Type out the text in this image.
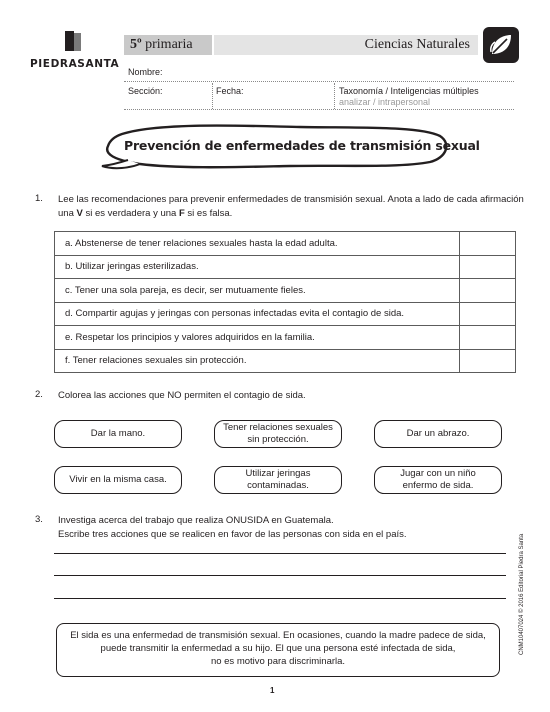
PIEDRASANTA
5º primaria	Ciencias Naturales
Nombre:
Sección:	Fecha:	Taxonomía / Inteligencias múltiples
analizar / intrapersonal
Prevención de enfermedades de transmisión sexual
1. Lee las recomendaciones para prevenir enfermedades de transmisión sexual. Anota a lado de cada afirmación una V si es verdadera y una F si es falsa.
a. Abstenerse de tener relaciones sexuales hasta la edad adulta.	
b. Utilizar jeringas esterilizadas.	
c. Tener una sola pareja, es decir, ser mutuamente fieles.	
d. Compartir agujas y jeringas con personas infectadas evita el contagio de sida.	
e. Respetar los principios y valores adquiridos en la familia.	
f. Tener relaciones sexuales sin protección.	
2. Colorea las acciones que NO permiten el contagio de sida.
Dar la mano.

Tener relaciones sexuales
sin protección.
Dar un abrazo.

Vivir en la misma casa.

Utilizar jeringas
contaminadas.
Jugar con un niño
enfermo de sida.
3. Investiga acerca del trabajo que realiza ONUSIDA en Guatemala.
Escribe tres acciones que se realicen en favor de las personas con sida en el país.
El sida es una enfermedad de transmisión sexual. En ocasiones, cuando la madre padece de sida,
puede transmitir la enfermedad a su hijo. El que una persona esté infectada de sida,
no es motivo para discriminarla.
1
CNM10407024 © 2016 Editorial Piedra Santa
